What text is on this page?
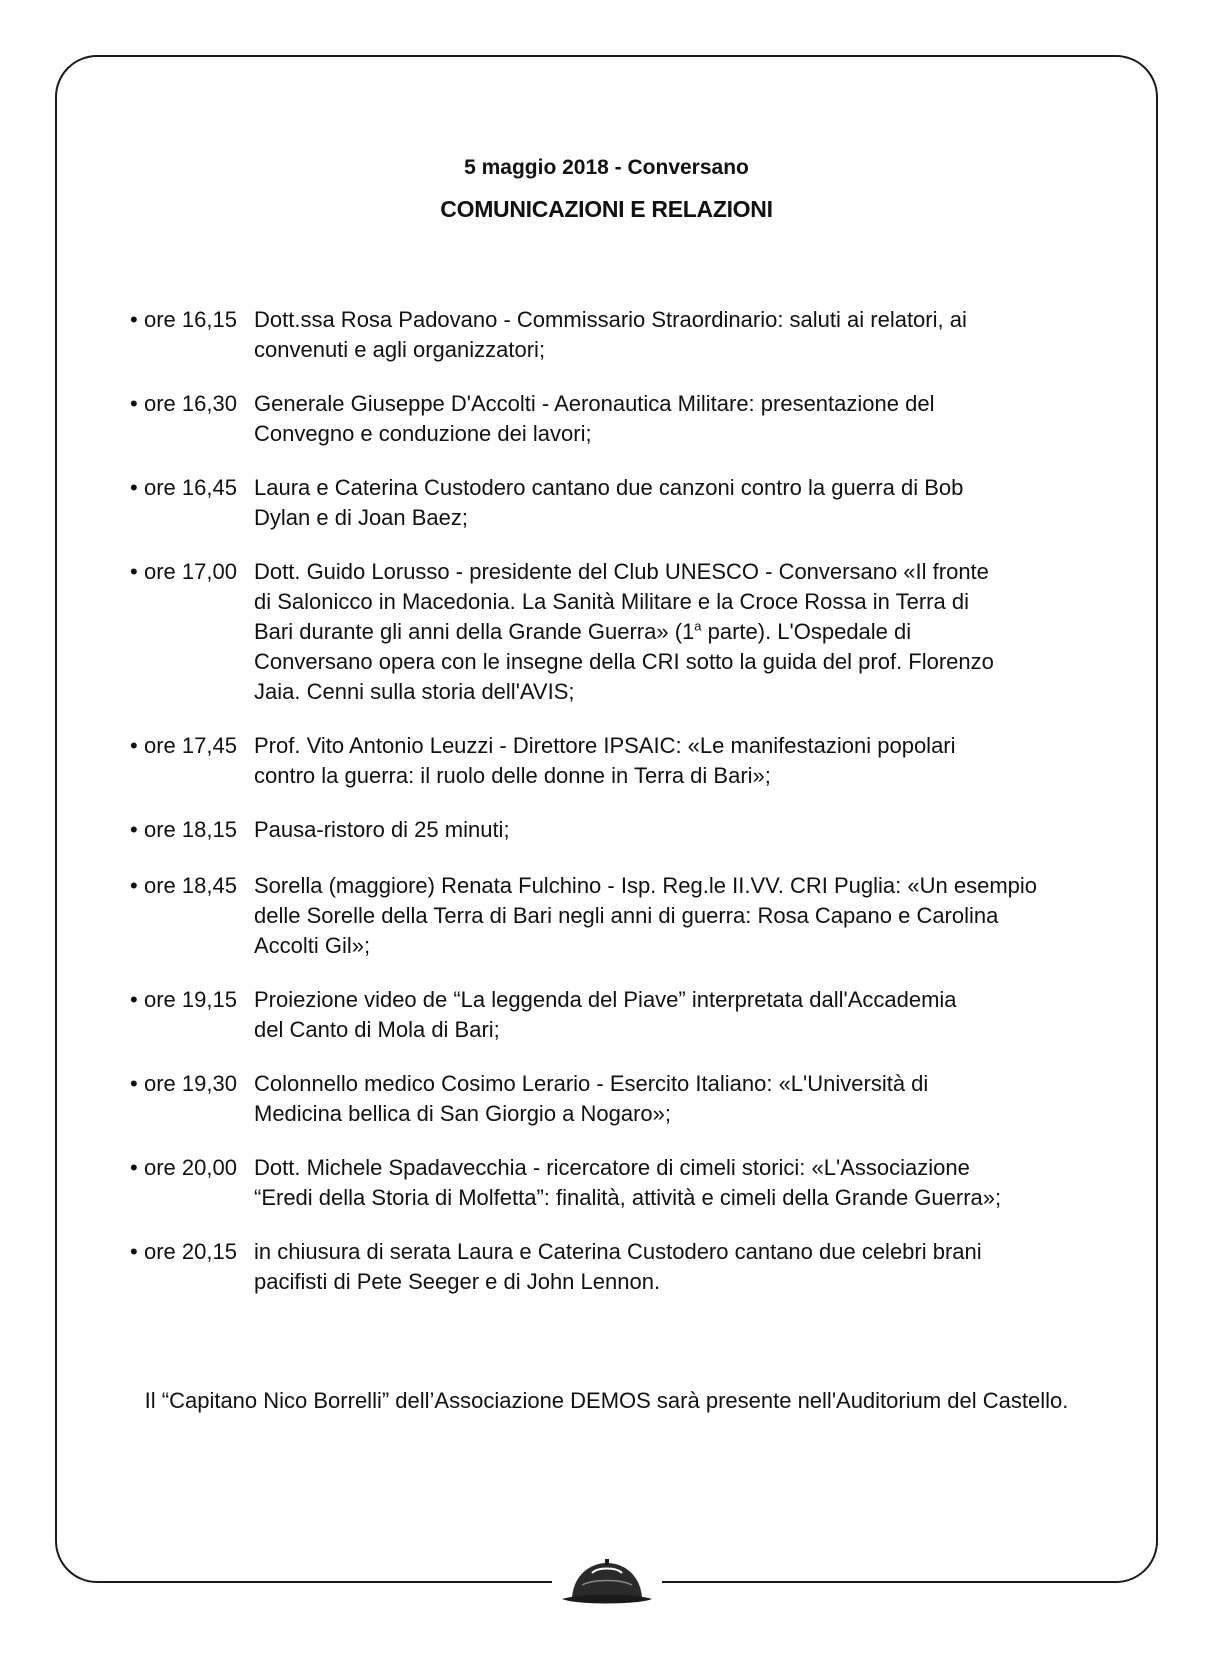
5 maggio 2018 - Conversano
COMUNICAZIONI E RELAZIONI
• ore 16,15 Dott.ssa Rosa Padovano - Commissario Straordinario: saluti ai relatori, ai
convenuti e agli organizzatori;
• ore 16,30 Generale Giuseppe D'Accolti - Aeronautica Militare: presentazione del
Convegno e conduzione dei lavori;
• ore 16,45 Laura e Caterina Custodero cantano due canzoni contro la guerra di Bob
Dylan e di Joan Baez;
• ore 17,00 Dott. Guido Lorusso - presidente del Club UNESCO - Conversano «Il fronte
di Salonicco in Macedonia. La Sanità Militare e la Croce Rossa in Terra di
Bari durante gli anni della Grande Guerra» (1$^a$ parte). L'Ospedale di
Conversano opera con le insegne della CRI sotto la guida del prof. Florenzo
Jaia. Cenni sulla storia dell'AVIS;
• ore 17,45 Prof. Vito Antonio Leuzzi - Direttore IPSAIC: «Le manifestazioni popolari
contro la guerra: il ruolo delle donne in Terra di Bari»;
• ore 18,15 Pausa-ristoro di 25 minuti;
• ore 18,45 Sorella (maggiore) Renata Fulchino - Isp. Reg.le II.VV. CRI Puglia: «Un esempio
delle Sorelle della Terra di Bari negli anni di guerra: Rosa Capano e Carolina
Accolti Gil»;
• ore 19,15 Proiezione video de “La leggenda del Piave” interpretata dall'Accademia
del Canto di Mola di Bari;
• ore 19,30 Colonnello medico Cosimo Lerario - Esercito Italiano: «L'Università di
Medicina bellica di San Giorgio a Nogaro»;
• ore 20,00 Dott. Michele Spadavecchia - ricercatore di cimeli storici: «L'Associazione
“Eredi della Storia di Molfetta”: finalità, attività e cimeli della Grande Guerra»;
• ore 20,15 in chiusura di serata Laura e Caterina Custodero cantano due celebri brani
pacifisti di Pete Seeger e di John Lennon.
Il “Capitano Nico Borrelli” dell’Associazione DEMOS sarà presente nell'Auditorium del Castello.
